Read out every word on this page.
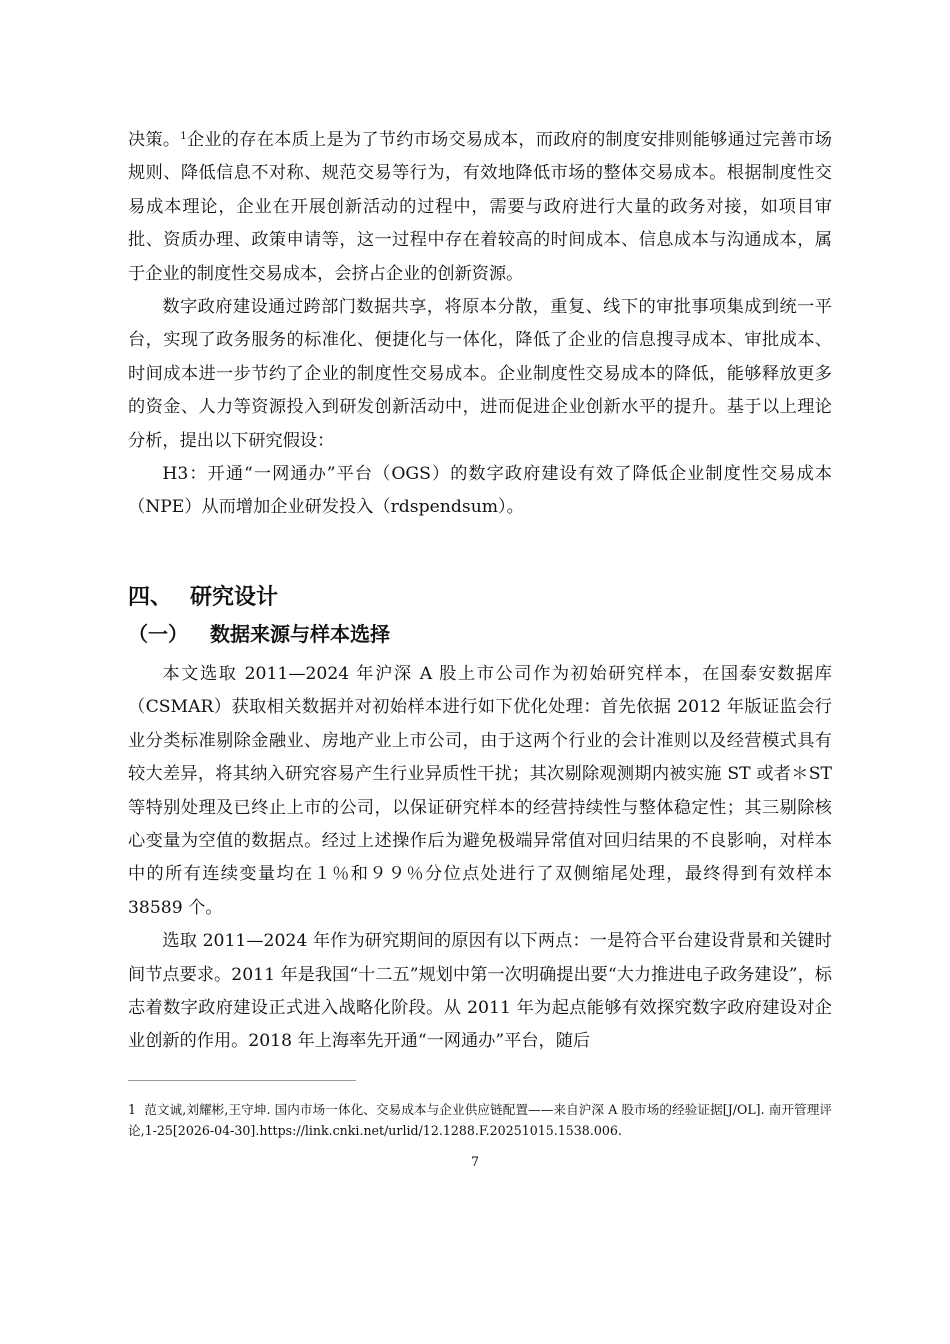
决策。$^1$企业的存在本质上是为了节约市场交易成本，而政府的制度安排则能够通过完善市场规则、降低信息不对称、规范交易等行为，有效地降低市场的整体交易成本。根据制度性交易成本理论，企业在开展创新活动的过程中，需要与政府进行大量的政务对接，如项目审批、资质办理、政策申请等，这一过程中存在着较高的时间成本、信息成本与沟通成本，属于企业的制度性交易成本，会挤占企业的创新资源。

数字政府建设通过跨部门数据共享，将原本分散，重复、线下的审批事项集成到统一平台，实现了政务服务的标准化、便捷化与一体化，降低了企业的信息搜寻成本、审批成本、时间成本进一步节约了企业的制度性交易成本。企业制度性交易成本的降低，能够释放更多的资金、人力等资源投入到研发创新活动中，进而促进企业创新水平的提升。基于以上理论分析，提出以下研究假设：

H3：开通“一网通办”平台（OGS）的数字政府建设有效了降低企业制度性交易成本（NPE）从而增加企业研发投入（rdspendsum）。

四、 研究设计
（一） 数据来源与样本选择

本文选取 2011—2024 年沪深 A 股上市公司作为初始研究样本，在国泰安数据库（CSMAR）获取相关数据并对初始样本进行如下优化处理：首先依据 2012 年版证监会行业分类标准剔除金融业、房地产业上市公司，由于这两个行业的会计准则以及经营模式具有较大差异，将其纳入研究容易产生行业异质性干扰；其次剔除观测期内被实施 ST 或者＊ST 等特别处理及已终止上市的公司，以保证研究样本的经营持续性与整体稳定性；其三剔除核心变量为空值的数据点。经过上述操作后为避免极端异常值对回归结果的不良影响，对样本中的所有连续变量均在１％和９９％分位点处进行了双侧缩尾处理，最终得到有效样本 38589 个。

选取 2011—2024 年作为研究期间的原因有以下两点：一是符合平台建设背景和关键时间节点要求。2011 年是我国“十二五”规划中第一次明确提出要“大力推进电子政务建设”，标志着数字政府建设正式进入战略化阶段。从 2011 年为起点能够有效探究数字政府建设对企业创新的作用。2018 年上海率先开通“一网通办”平台，随后

1 范文诚,刘耀彬,王守坤. 国内市场一体化、交易成本与企业供应链配置——来自沪深 A 股市场的经验证据[J/OL]. 南开管理评论,1-25[2026-04-30].https://link.cnki.net/urlid/12.1288.F.20251015.1538.006.
7
